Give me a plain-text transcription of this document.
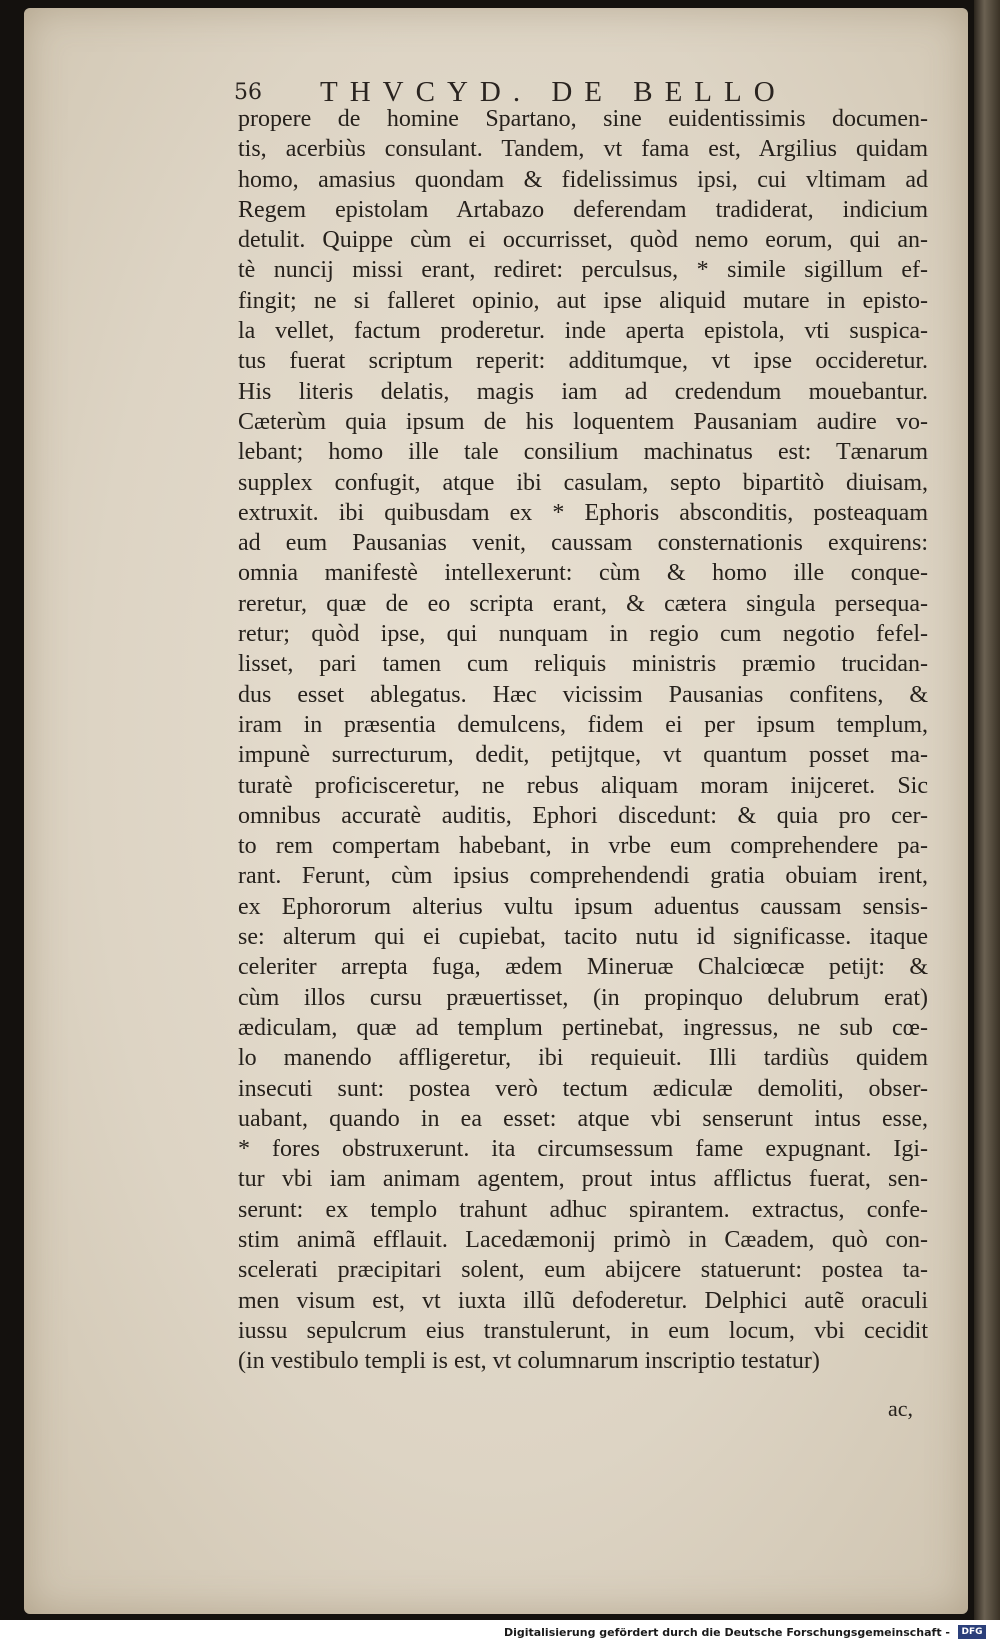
56	THVCYD. DE BELLO
propere de homine Spartano, sine euidentissimis documen-
tis, acerbiùs consulant. Tandem, vt fama est, Argilius quidam
homo, amasius quondam & fidelissimus ipsi, cui vltimam ad
Regem epistolam Artabazo deferendam tradiderat, indicium
detulit. Quippe cùm ei occurrisset, quòd nemo eorum, qui an-
tè nuncij missi erant, rediret: perculsus, * simile sigillum ef-
fingit; ne si falleret opinio, aut ipse aliquid mutare in episto-
la vellet, factum proderetur. inde aperta epistola, vti suspica-
tus fuerat scriptum reperit: additumque, vt ipse occideretur.
His literis delatis, magis iam ad credendum mouebantur.
Cæterùm quia ipsum de his loquentem Pausaniam audire vo-
lebant; homo ille tale consilium machinatus est: Tænarum
supplex confugit, atque ibi casulam, septo bipartitò diuisam,
extruxit. ibi quibusdam ex * Ephoris absconditis, posteaquam
ad eum Pausanias venit, caussam consternationis exquirens:
omnia manifestè intellexerunt: cùm & homo ille conque-
reretur, quæ de eo scripta erant, & cætera singula persequa-
retur; quòd ipse, qui nunquam in regio cum negotio fefel-
lisset, pari tamen cum reliquis ministris præmio trucidan-
dus esset ablegatus. Hæc vicissim Pausanias confitens, &
iram in præsentia demulcens, fidem ei per ipsum templum,
impunè surrecturum, dedit, petijtque, vt quantum posset ma-
turatè proficisceretur, ne rebus aliquam moram inijceret. Sic
omnibus accuratè auditis, Ephori discedunt: & quia pro cer-
to rem compertam habebant, in vrbe eum comprehendere pa-
rant. Ferunt, cùm ipsius comprehendendi gratia obuiam irent,
ex Ephororum alterius vultu ipsum aduentus caussam sensis-
se: alterum qui ei cupiebat, tacito nutu id significasse. itaque
celeriter arrepta fuga, ædem Mineruæ Chalciœcæ petijt: &
cùm illos cursu præuertisset, (in propinquo delubrum erat)
ædiculam, quæ ad templum pertinebat, ingressus, ne sub cœ-
lo manendo affligeretur, ibi requieuit. Illi tardiùs quidem
insecuti sunt: postea verò tectum ædiculæ demoliti, obser-
uabant, quando in ea esset: atque vbi senserunt intus esse,
* fores obstruxerunt. ita circumsessum fame expugnant. Igi-
tur vbi iam animam agentem, prout intus afflictus fuerat, sen-
serunt: ex templo trahunt adhuc spirantem. extractus, confe-
stim animã efflauit. Lacedæmonij primò in Cæadem, quò con-
scelerati præcipitari solent, eum abijcere statuerunt: postea ta-
men visum est, vt iuxta illũ defoderetur. Delphici autẽ oraculi
iussu sepulcrum eius transtulerunt, in eum locum, vbi cecidit
(in vestibulo templi is est, vt columnarum inscriptio testatur)
ac,
Digitalisierung gefördert durch die Deutsche Forschungsgemeinschaft -	DFG
